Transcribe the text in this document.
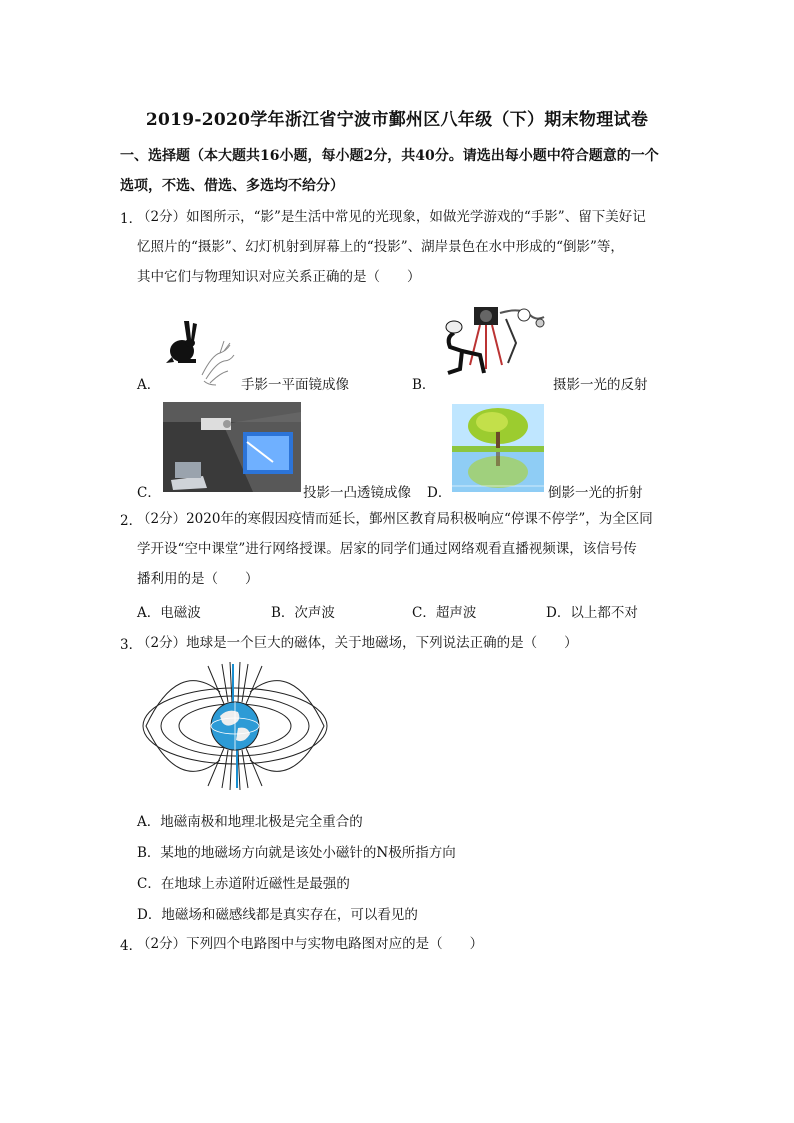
2019-2020学年浙江省宁波市鄞州区八年级（下）期末物理试卷
一、选择题（本大题共16小题，每小题2分，共40分。请选出每小题中符合题意的一个
选项，不选、借选、多选均不给分）
1．
（2分）如图所示，“影”是生活中常见的光现象，如做光学游戏的“手影”、留下美好记
忆照片的“摄影”、幻灯机射到屏幕上的“投影”、湖岸景色在水中形成的“倒影”等，
其中它们与物理知识对应关系正确的是（　　）
A．	手影一平面镜成像	B．	摄影一光的反射
C．	投影一凸透镜成像 D．	倒影一光的折射
2．
（2分）2020年的寒假因疫情而延长，鄞州区教育局积极响应“停课不停学”，为全区同
学开设“空中课堂”进行网络授课。居家的同学们通过网络观看直播视频课，该信号传
播利用的是（　　）
A．电磁波	B．次声波	C．超声波	D．以上都不对
3．
（2分）地球是一个巨大的磁体，关于地磁场，下列说法正确的是（　　）
A．地磁南极和地理北极是完全重合的
B．某地的地磁场方向就是该处小磁针的N极所指方向
C．在地球上赤道附近磁性是最强的
D．地磁场和磁感线都是真实存在，可以看见的
4．
（2分）下列四个电路图中与实物电路图对应的是（　　）
